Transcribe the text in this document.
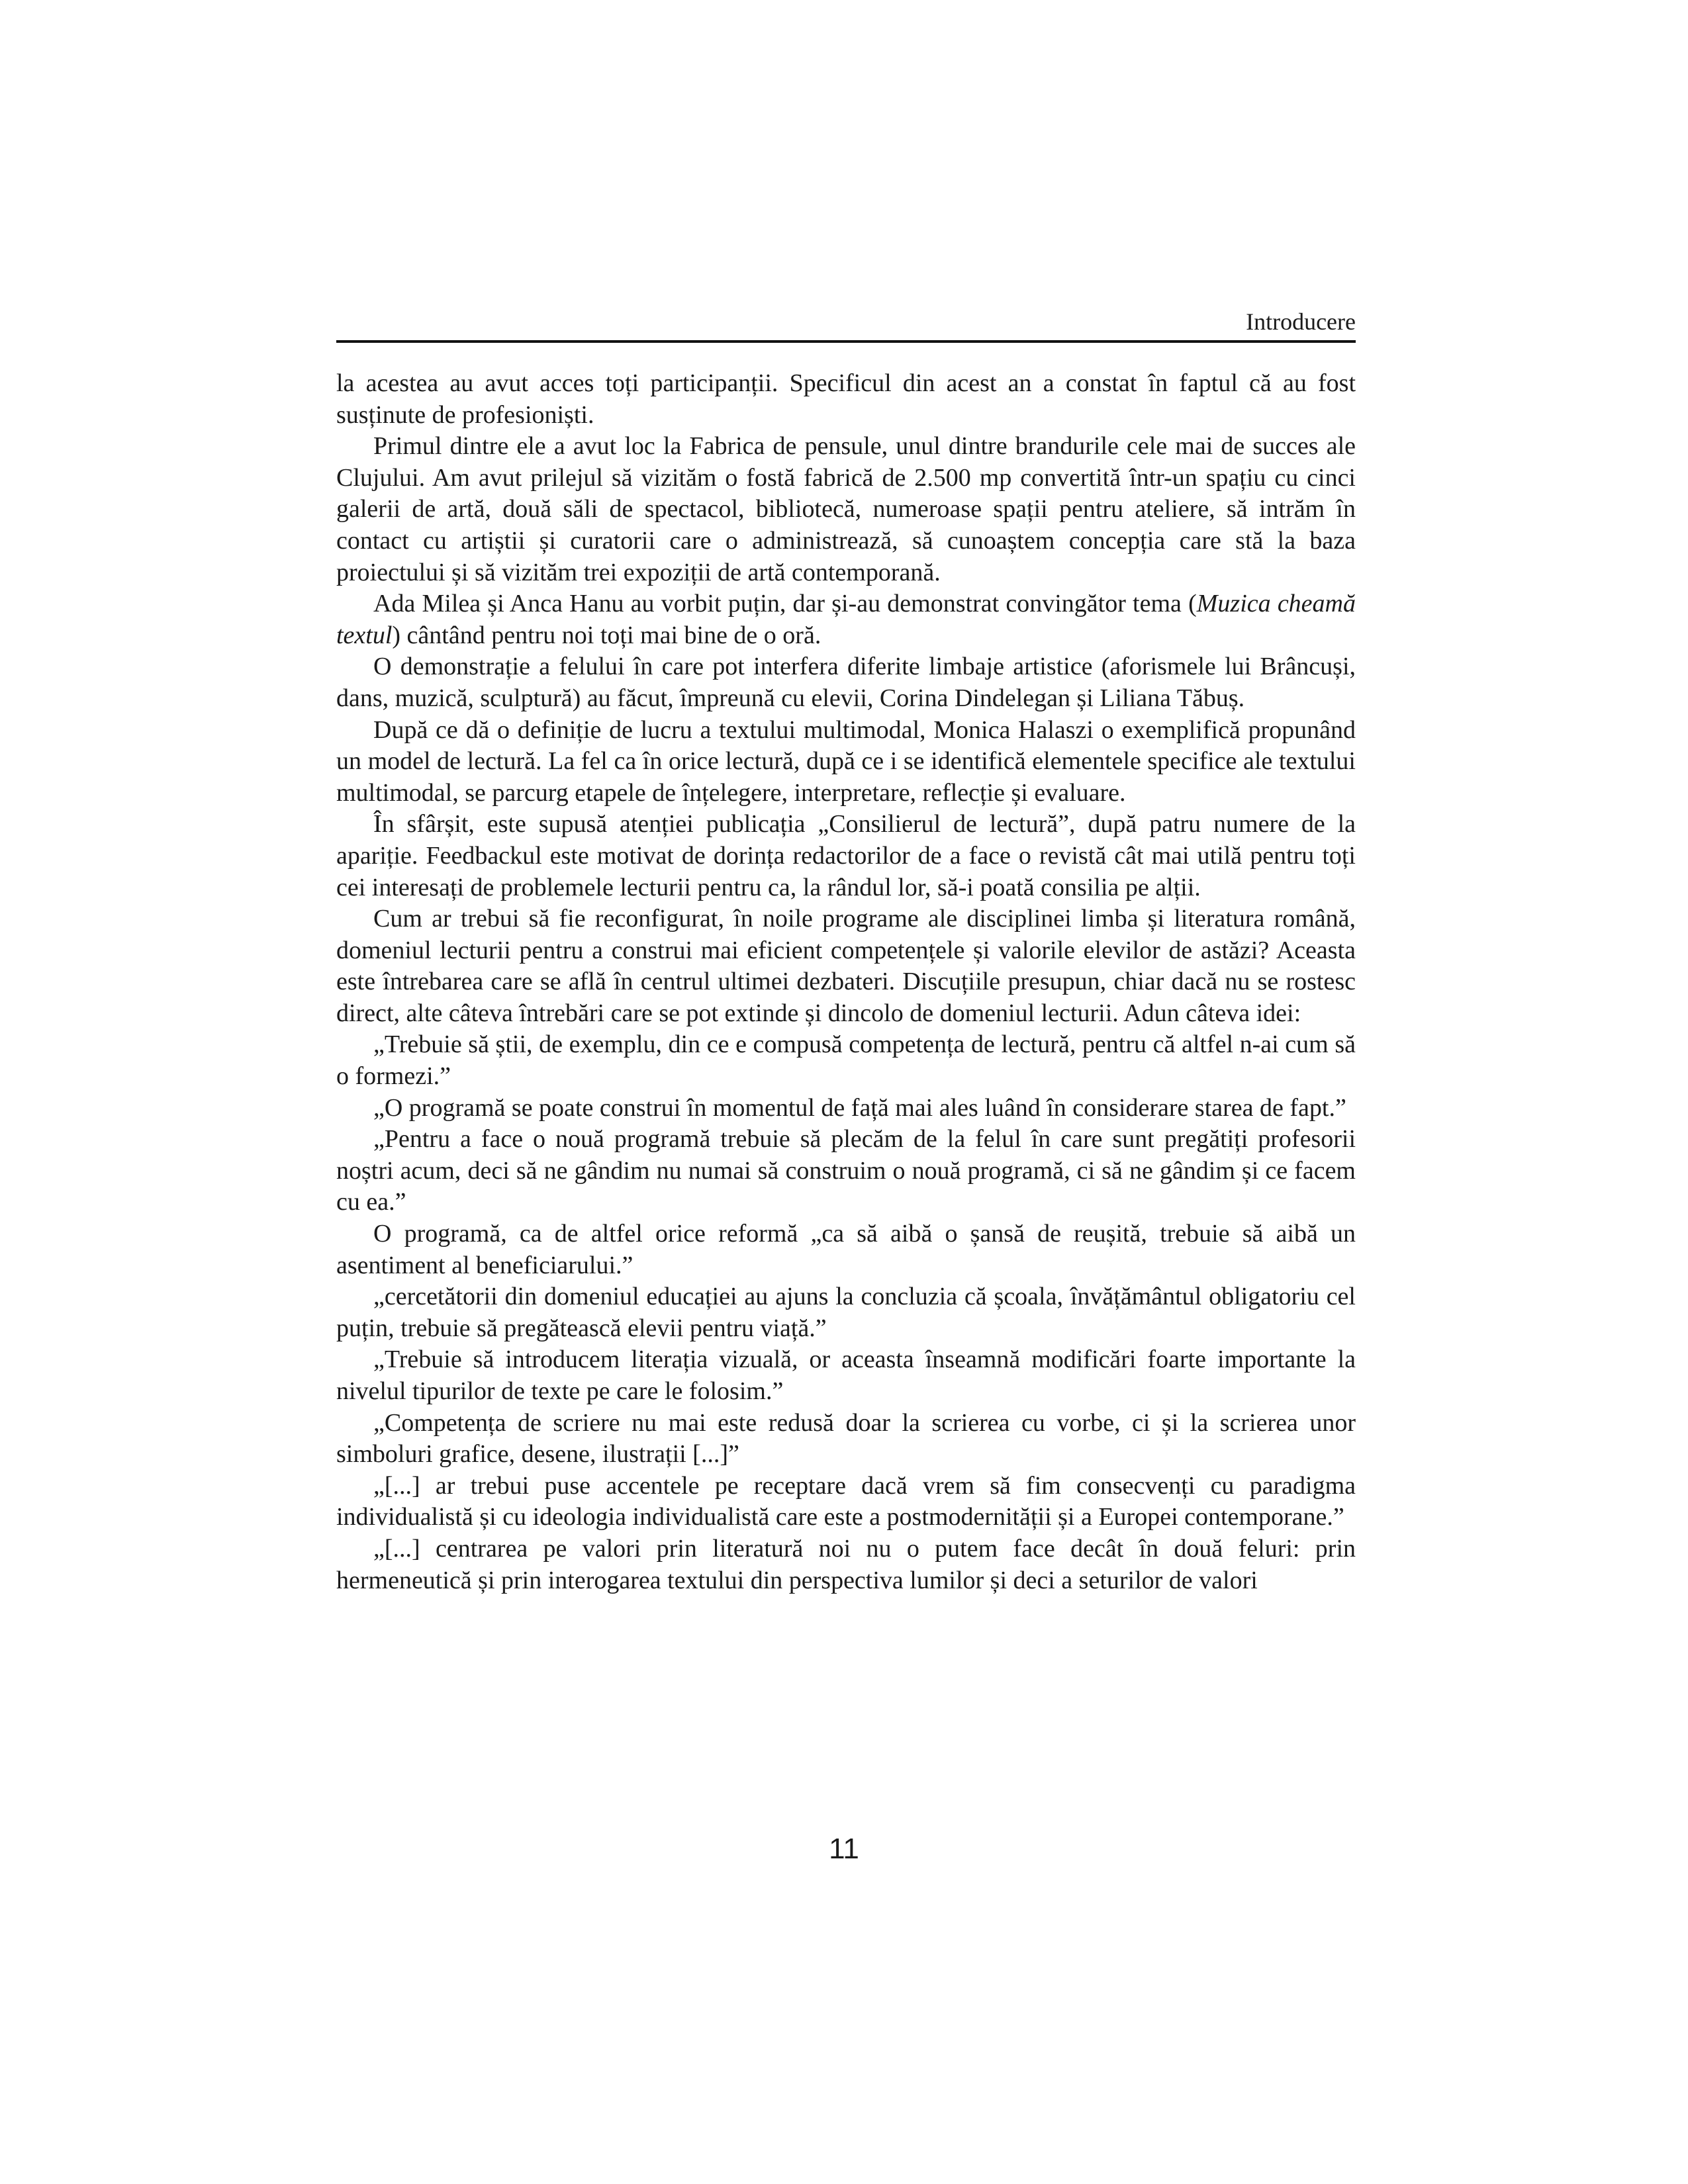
Introducere

la acestea au avut acces toți participanții. Specificul din acest an a constat în faptul că au fost susținute de profesioniști.

Primul dintre ele a avut loc la Fabrica de pensule, unul dintre brandurile cele mai de succes ale Clujului. Am avut prilejul să vizităm o fostă fabrică de 2.500 mp convertită într-un spațiu cu cinci galerii de artă, două săli de spectacol, bibliotecă, numeroase spații pentru ateliere, să intrăm în contact cu artiștii și curatorii care o administrează, să cunoaștem concepția care stă la baza proiectului și să vizităm trei expoziții de artă contemporană.

Ada Milea și Anca Hanu au vorbit puțin, dar și-au demonstrat convingător tema (Muzica cheamă textul) cântând pentru noi toți mai bine de o oră.

O demonstrație a felului în care pot interfera diferite limbaje artistice (aforismele lui Brâncuși, dans, muzică, sculptură) au făcut, împreună cu elevii, Corina Dindelegan și Liliana Tăbuș.

După ce dă o definiție de lucru a textului multimodal, Monica Halaszi o exemplifică propunând un model de lectură. La fel ca în orice lectură, după ce i se identifică elementele specifice ale textului multimodal, se parcurg etapele de înțelegere, interpretare, reflecție și evaluare.

În sfârșit, este supusă atenției publicația „Consilierul de lectură”, după patru numere de la apariție. Feedbackul este motivat de dorința redactorilor de a face o revistă cât mai utilă pentru toți cei interesați de problemele lecturii pentru ca, la rândul lor, să-i poată consilia pe alții.

Cum ar trebui să fie reconfigurat, în noile programe ale disciplinei limba și literatura română, domeniul lecturii pentru a construi mai eficient competențele și valorile elevilor de astăzi? Aceasta este întrebarea care se află în centrul ultimei dezbateri. Discuțiile presupun, chiar dacă nu se rostesc direct, alte câteva întrebări care se pot extinde și dincolo de domeniul lecturii. Adun câteva idei:

„Trebuie să știi, de exemplu, din ce e compusă competența de lectură, pentru că altfel n-ai cum să o formezi.”

„O programă se poate construi în momentul de față mai ales luând în considerare starea de fapt.”

„Pentru a face o nouă programă trebuie să plecăm de la felul în care sunt pregătiți profesorii noștri acum, deci să ne gândim nu numai să construim o nouă programă, ci să ne gândim și ce facem cu ea.”

O programă, ca de altfel orice reformă „ca să aibă o șansă de reușită, trebuie să aibă un asentiment al beneficiarului.”

„cercetătorii din domeniul educației au ajuns la concluzia că școala, învățământul obligatoriu cel puțin, trebuie să pregătească elevii pentru viață.”

„Trebuie să introducem literația vizuală, or aceasta înseamnă modificări foarte importante la nivelul tipurilor de texte pe care le folosim.”

„Competența de scriere nu mai este redusă doar la scrierea cu vorbe, ci și la scrierea unor simboluri grafice, desene, ilustrații [...]”

„[...] ar trebui puse accentele pe receptare dacă vrem să fim consecvenți cu paradigma individualistă și cu ideologia individualistă care este a postmodernității și a Europei contemporane.”

„[...] centrarea pe valori prin literatură noi nu o putem face decât în două feluri: prin hermeneutică și prin interogarea textului din perspectiva lumilor și deci a seturilor de valori

11
